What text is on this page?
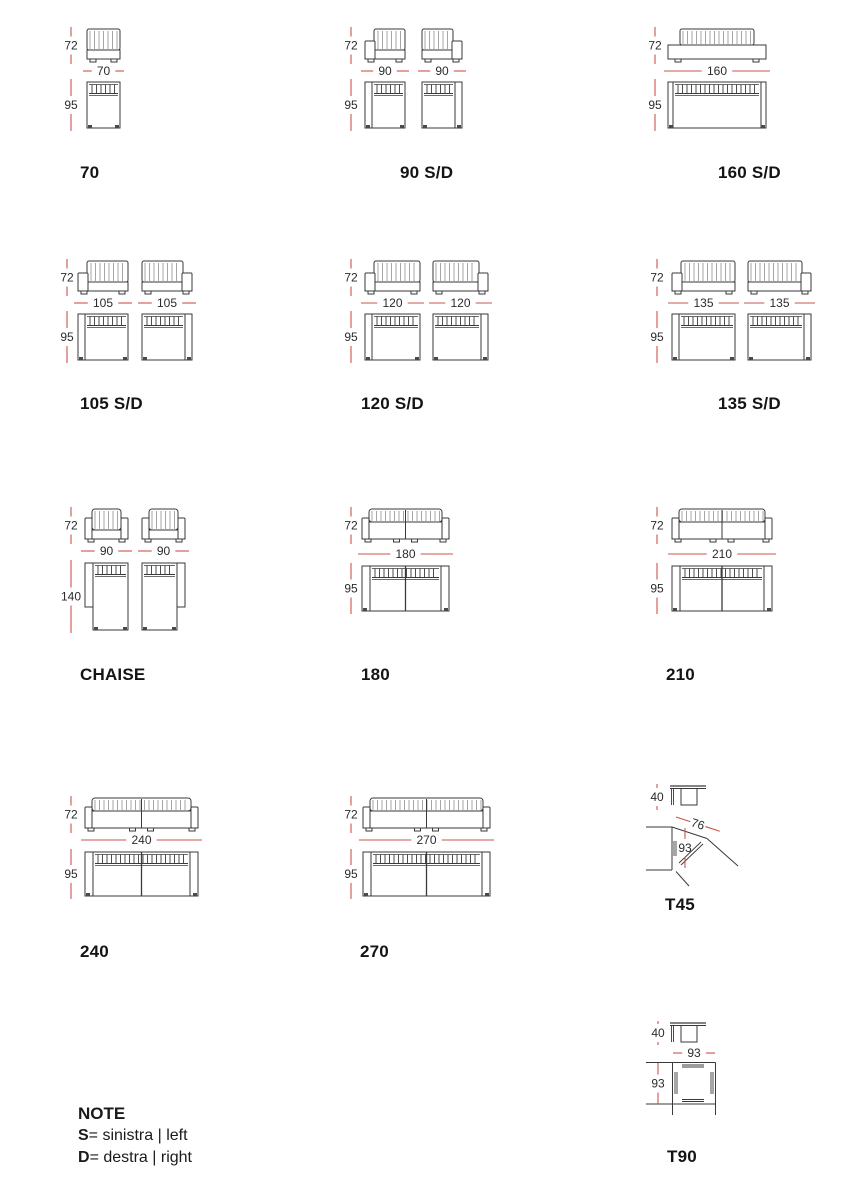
70
72
95
90	90
72
95
160
72
95
105	105
72
95
120	120
72
95
135	135
72
95
90	90
72
140
180
72
95
210
72
95
240
72
95
270
72
95
40
93
76
40
93
93
70	90 S/D	160 S/D
105 S/D	120 S/D	135 S/D
CHAISE	180	210
240	270
T45
T90
NOTE
S= sinistra | left
D= destra | right
